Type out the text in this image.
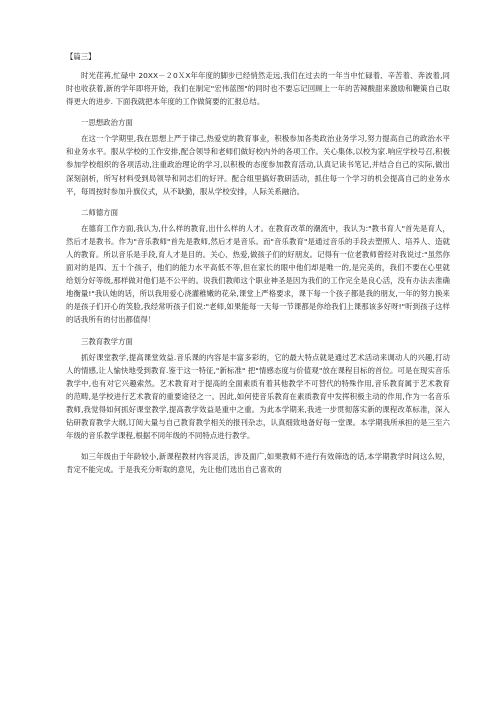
【篇三】

时光荏苒,忙碌中 20XX－２0ＸX年年度的脚步已经悄然走远,我们在过去的一年当中忙碌着、辛苦着、奔波着,同时也收获着,新的学年即将开始，我们在制定"宏伟蓝图"的同时也不要忘记回顾上一年的苦辣酸甜来激励和鞭策自己取得更大的进步. 下面我就把本年度的工作做简要的汇报总结。

一思想政治方面

在这一个学期里,我在思想上严于律己,热爱党的教育事业，积极参加各类政治业务学习,努力提高自己的政治水平和业务水平。服从学校的工作安排,配合领导和老师们做好校内外的各项工作。关心集体,以校为家.响应学校号召,积极参加学校组织的各项活动,注重政治理论的学习,以积极的态度参加教育活动,认真记读书笔记,并结合自己的实际,做出深刻剖析，所写材料受到局领导和同志们的好评。配合组里搞好教研活动，抓住每一个学习的机会提高自己的业务水平，每周按时参加升旗仪式，从不缺勤，服从学校安排，人际关系融洽。

二师德方面

在德育工作方面,我认为,什么样的教育,出什么样的人才。在教育改革的潮流中，我认为:"教书育人"首先是育人，然后才是教书。作为"音乐教师"首先是教师,然后才是音乐。而"音乐教育"是通过音乐的手段去塑照人、培养人、造就人的教育。所以音乐是手段,育人才是目的。关心、热爱,做孩子们的好朋友。记得有一位老教师曾经对我说过:"虽然你面对的是四、五十个孩子，他们的能力水平高低不等,但在家长的眼中他们却是唯一的,是完美的，我们不要在心里就给划分好等级,那样做对他们是不公平的。说我们教师这个职业神圣是因为我们的工作完全是良心活，没有办法去准确地衡量!"我认她的话，所以我用爱心浇灌稚嫩的花朵,课堂上严格要求，课下每一个孩子都是我的朋友,一年的努力换来的是孩子们开心的笑脸,我经常听孩子们说:"老师,如果能每一天每一节课都是你给我们上课那该多好呀!"听到孩子这样的话我所有的付出都值得！

三教育教学方面

抓好课堂教学,提高课堂效益.音乐课的内容是丰富多彩的，它的最大特点就是通过艺术活动来调动人的兴趣,打动人的情感,让人愉快地受到教育.鉴于这一特征,"新标准" 把"情感态度与价值观"放在课程目标的首位。可是在现实音乐教学中,也有对它兴趣索然。艺术教育对于提高的全面素质有着其他教学不可替代的特殊作用,音乐教育属于艺术教育的范畴,是学校进行艺术教育的重要途径之一。因此,如何使音乐教育在素质教育中发挥积极主动的作用,作为一名音乐教师,我觉得如何抓好课堂教学,提高教学效益是重中之重。为此本学期来,我进一步贯彻落实新的课程改革标准，深入钻研教育教学大纲,订阅大量与自己教育教学相关的报刊杂志，认真细致地备好每一堂课。本学期我所承担的是三至六年级的音乐教学课程,根据不同年级的不同特点进行教学。

如三年级由于年龄较小,新课程教材内容灵活，涉及面广,如果教师不进行有效筛选的话,本学期教学时间这么短，肯定不能完成。于是我充分听取的意见，先让他们选出自己喜欢的
